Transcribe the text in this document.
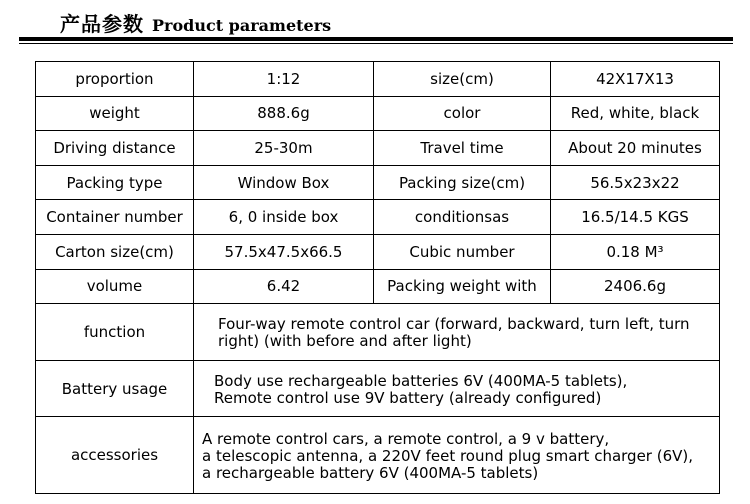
产品参数 Product parameters
proportion	1:12	size(cm)	42X17X13
weight	888.6g	color	Red, white, black
Driving distance	25-30m	Travel time	About 20 minutes
Packing type	Window Box	Packing size(cm)	56.5x23x22
Container number	6, 0 inside box	conditionsas	16.5/14.5 KGS
Carton size(cm)	57.5x47.5x66.5	Cubic number	0.18 M³
volume	6.42	Packing weight with	2406.6g
function	Four-way remote control car (forward, backward, turn left, turn right) (with before and after light)		
Battery usage	Body use rechargeable batteries 6V (400MA-5 tablets),
Remote control use 9V battery (already configured)		

accessories	A remote control cars, a remote control, a 9 v battery,
a telescopic antenna, a 220V feet round plug smart charger (6V),
a rechargeable battery 6V (400MA-5 tablets)		
